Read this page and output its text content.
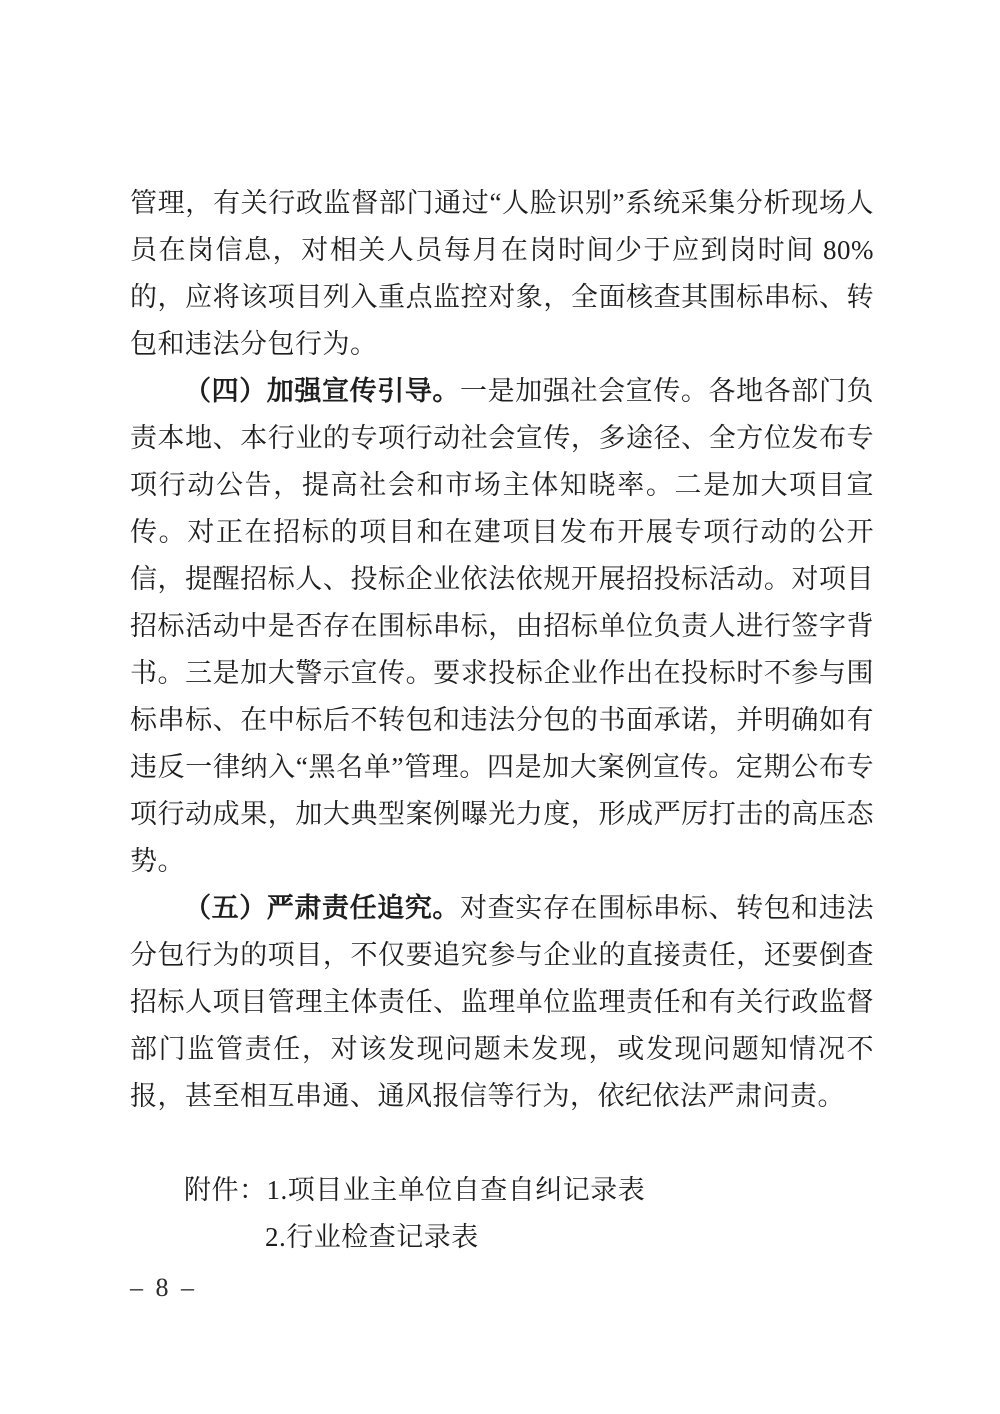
管理，有关行政监督部门通过“人脸识别”系统采集分析现场人员在岗信息，对相关人员每月在岗时间少于应到岗时间 80%的，应将该项目列入重点监控对象，全面核查其围标串标、转包和违法分包行为。

（四）加强宣传引导。一是加强社会宣传。各地各部门负责本地、本行业的专项行动社会宣传，多途径、全方位发布专项行动公告，提高社会和市场主体知晓率。二是加大项目宣传。对正在招标的项目和在建项目发布开展专项行动的公开信，提醒招标人、投标企业依法依规开展招投标活动。对项目招标活动中是否存在围标串标，由招标单位负责人进行签字背书。三是加大警示宣传。要求投标企业作出在投标时不参与围标串标、在中标后不转包和违法分包的书面承诺，并明确如有违反一律纳入“黑名单”管理。四是加大案例宣传。定期公布专项行动成果，加大典型案例曝光力度，形成严厉打击的高压态势。

（五）严肃责任追究。对查实存在围标串标、转包和违法分包行为的项目，不仅要追究参与企业的直接责任，还要倒查招标人项目管理主体责任、监理单位监理责任和有关行政监督部门监管责任，对该发现问题未发现，或发现问题知情况不报，甚至相互串通、通风报信等行为，依纪依法严肃问责。

附件：1.项目业主单位自查自纠记录表
2.行业检查记录表
– 8 –
